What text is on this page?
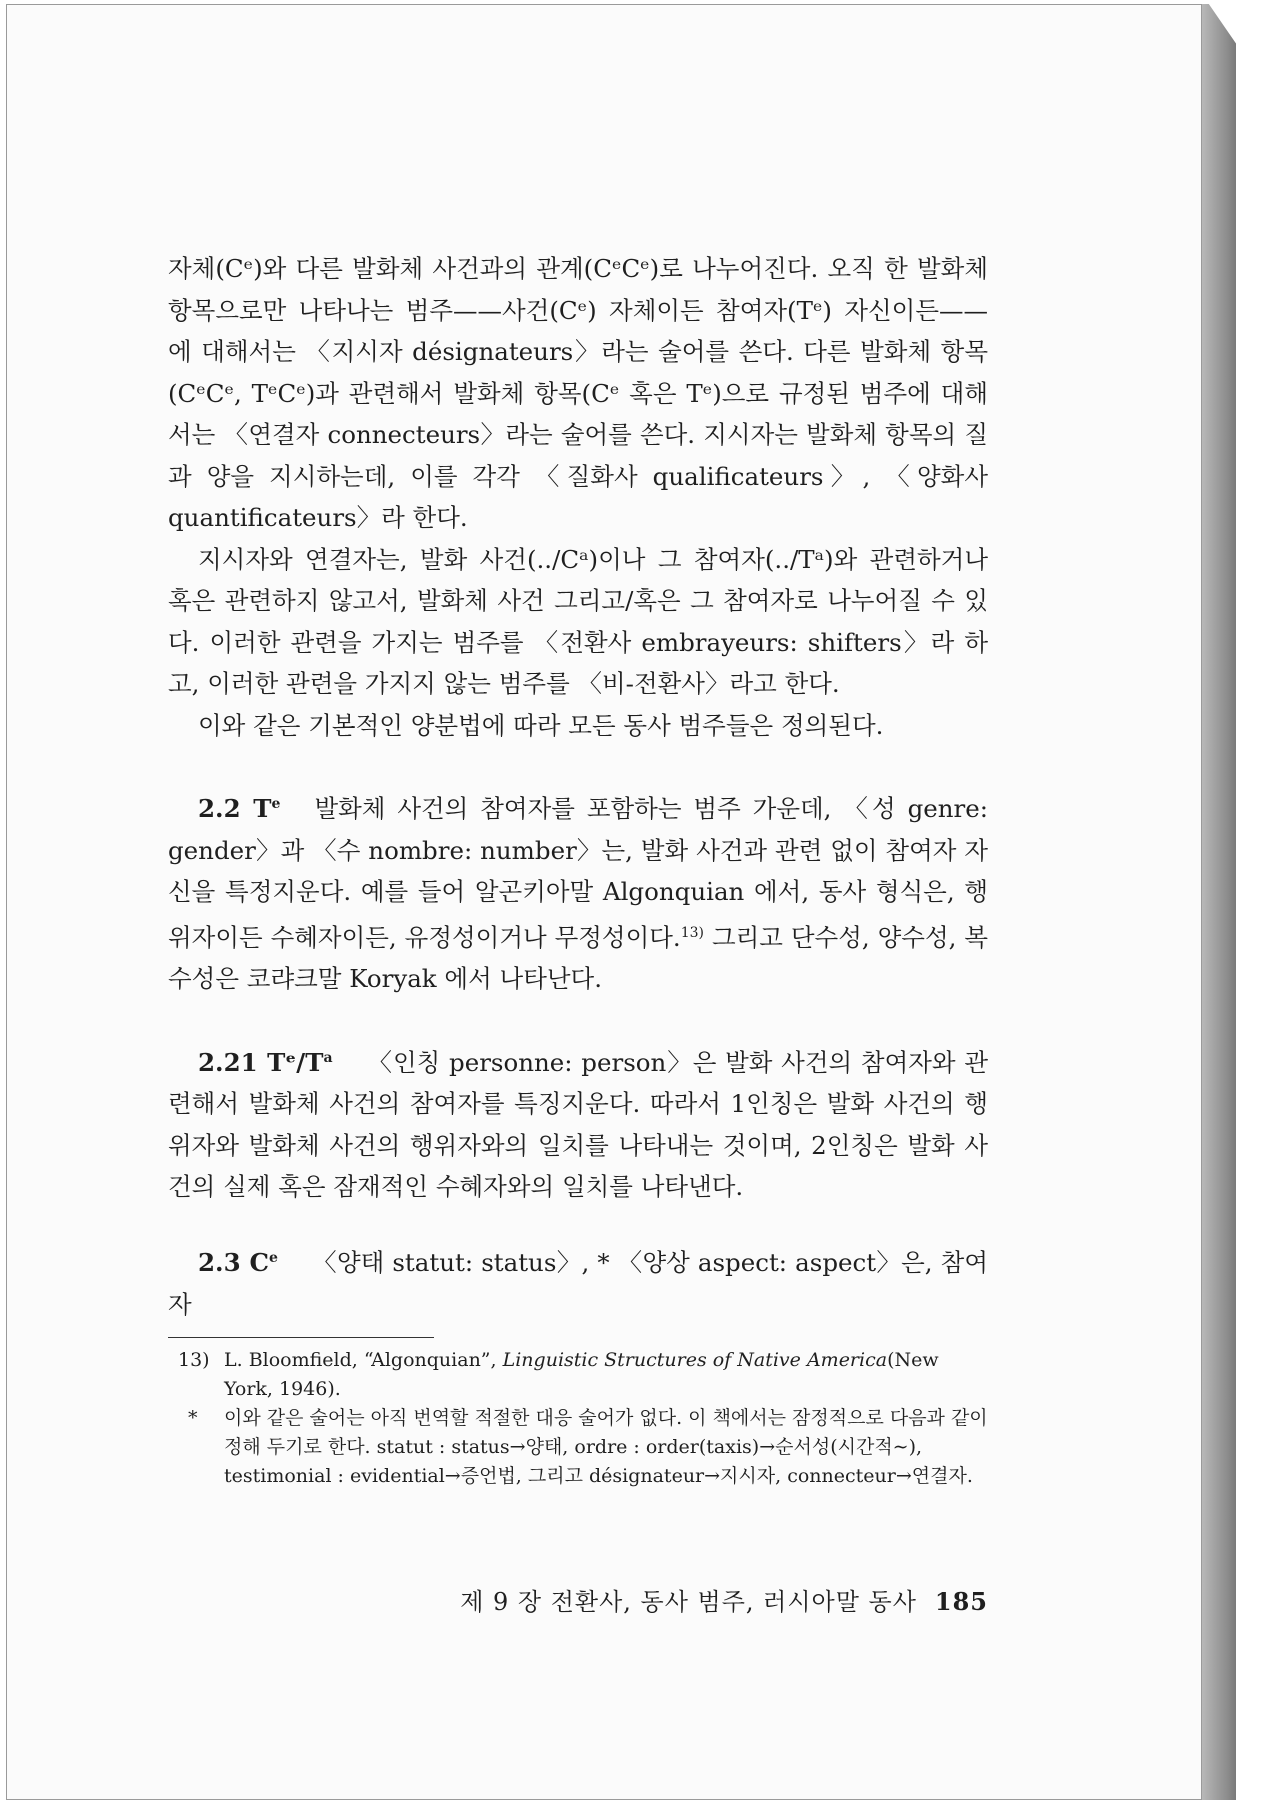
자체(Cᵉ)와 다른 발화체 사건과의 관계(CᵉCᵉ)로 나누어진다. 오직 한 발화체 항목으로만 나타나는 범주——사건(Cᵉ) 자체이든 참여자(Tᵉ) 자신이든——에 대해서는 〈지시자 désignateurs〉라는 술어를 쓴다. 다른 발화체 항목(CᵉCᵉ, TᵉCᵉ)과 관련해서 발화체 항목(Cᵉ 혹은 Tᵉ)으로 규정된 범주에 대해서는 〈연결자 connecteurs〉라는 술어를 쓴다. 지시자는 발화체 항목의 질과 양을 지시하는데, 이를 각각 〈질화사 qualificateurs〉, 〈양화사 quantificateurs〉라 한다.

지시자와 연결자는, 발화 사건(../Cᵃ)이나 그 참여자(../Tᵃ)와 관련하거나 혹은 관련하지 않고서, 발화체 사건 그리고/혹은 그 참여자로 나누어질 수 있다. 이러한 관련을 가지는 범주를 〈전환사 embrayeurs: shifters〉라 하고, 이러한 관련을 가지지 않는 범주를 〈비-전환사〉라고 한다.

이와 같은 기본적인 양분법에 따라 모든 동사 범주들은 정의된다.

2.2 $T^e$ 발화체 사건의 참여자를 포함하는 범주 가운데, 〈성 genre: gender〉과 〈수 nombre: number〉는, 발화 사건과 관련 없이 참여자 자신을 특정지운다. 예를 들어 알곤키아말 Algonquian 에서, 동사 형식은, 행위자이든 수혜자이든, 유정성이거나 무정성이다.$^{13)}$ 그리고 단수성, 양수성, 복수성은 코랴크말 Koryak 에서 나타난다.

2.21 $Tᵉ/T^a$ 〈인칭 personne: person〉은 발화 사건의 참여자와 관련해서 발화체 사건의 참여자를 특징지운다. 따라서 1인칭은 발화 사건의 행위자와 발화체 사건의 행위자와의 일치를 나타내는 것이며, 2인칭은 발화 사건의 실제 혹은 잠재적인 수혜자와의 일치를 나타낸다.

2.3 Ce 〈양태 statut: status〉, * 〈양상 aspect: aspect〉은, 참여자

13) L. Bloomfield, “Algonquian”, Linguistic Structures of Native America(New York, 1946).
* 이와 같은 술어는 아직 번역할 적절한 대응 술어가 없다. 이 책에서는 잠정적으로 다음과 같이 정해 두기로 한다. statut : status→양태, ordre : order(taxis)→순서성(시간적∼), testimonial : evidential→증언법, 그리고 désignateur→지시자, connecteur→연결자.
제 9 장 전환사, 동사 범주, 러시아말 동사 185
